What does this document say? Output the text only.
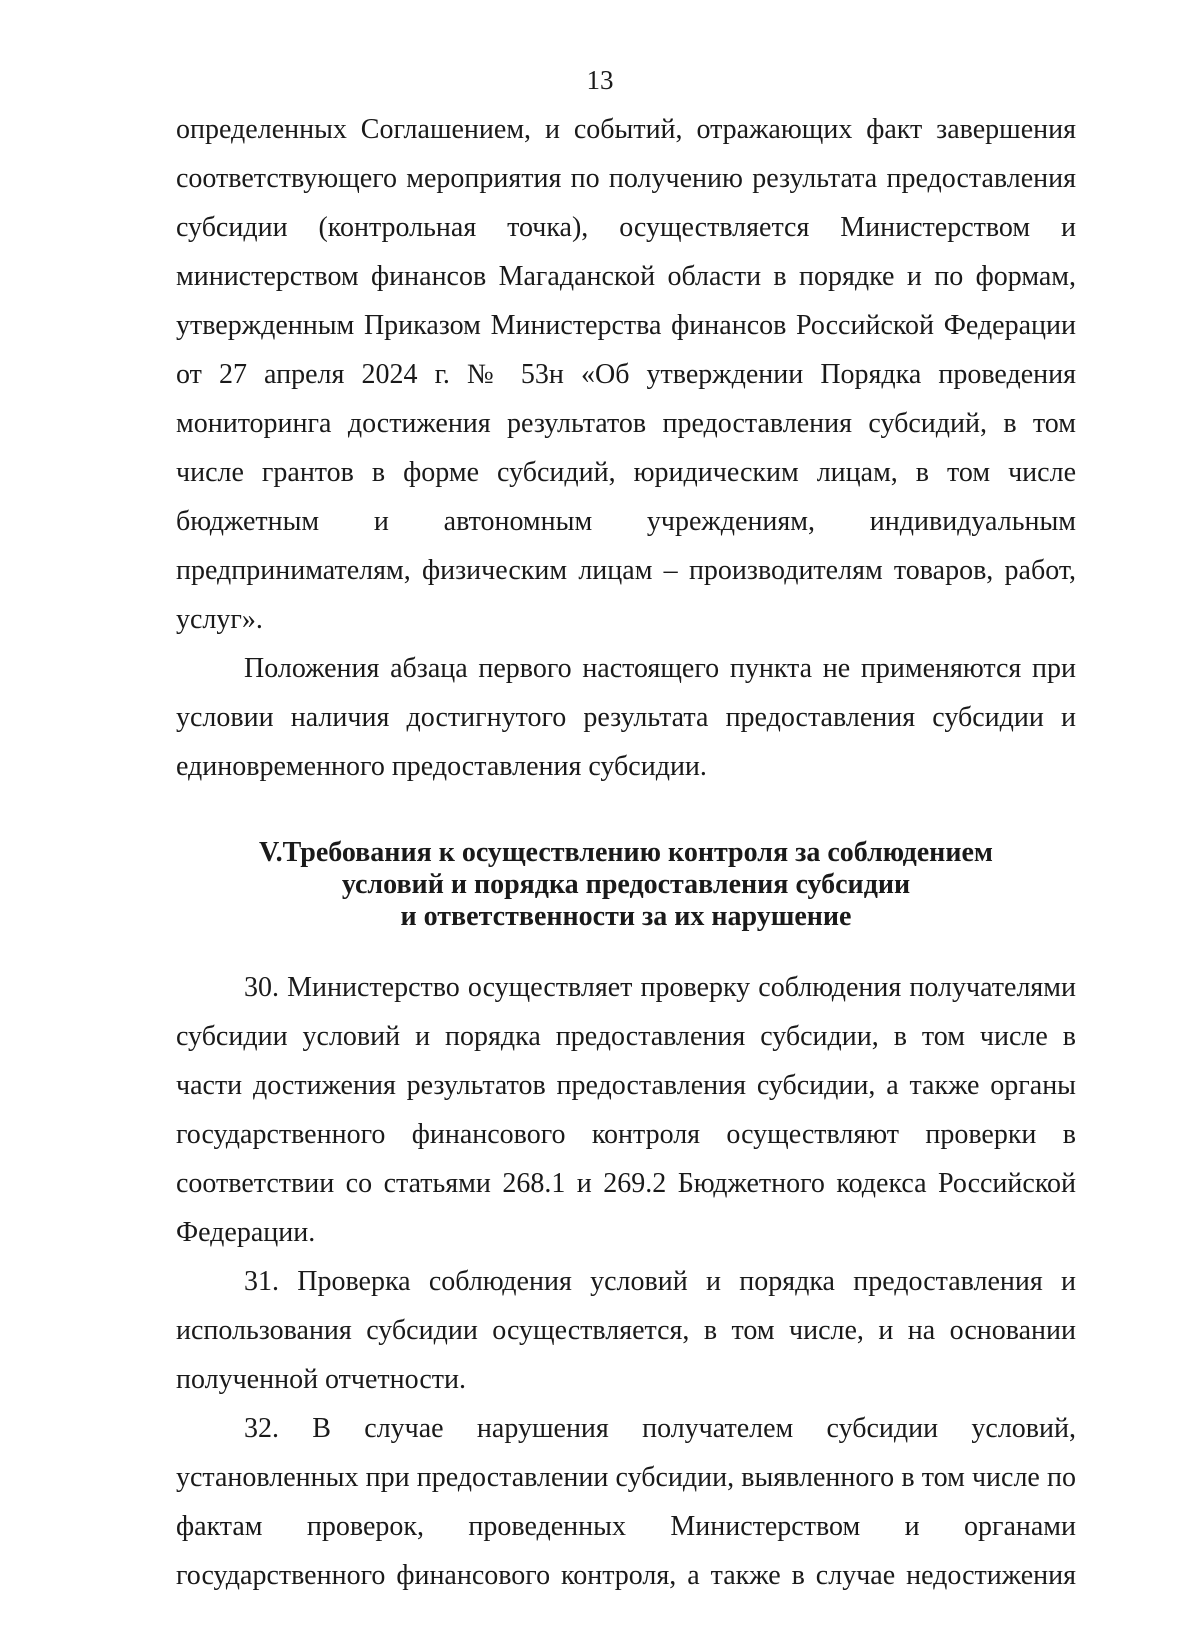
13

определенных Соглашением, и событий, отражающих факт завершения соответствующего мероприятия по получению результата предоставления субсидии (контрольная точка), осуществляется Министерством и министерством финансов Магаданской области в порядке и по формам, утвержденным Приказом Министерства финансов Российской Федерации от 27 апреля 2024 г. № 53н «Об утверждении Порядка проведения мониторинга достижения результатов предоставления субсидий, в том числе грантов в форме субсидий, юридическим лицам, в том числе бюджетным и автономным учреждениям, индивидуальным предпринимателям, физическим лицам – производителям товаров, работ, услуг».

Положения абзаца первого настоящего пункта не применяются при условии наличия достигнутого результата предоставления субсидии и единовременного предоставления субсидии.

V.Требования к осуществлению контроля за соблюдением
условий и порядка предоставления субсидии
и ответственности за их нарушение

30. Министерство осуществляет проверку соблюдения получателями субсидии условий и порядка предоставления субсидии, в том числе в части достижения результатов предоставления субсидии, а также органы государственного финансового контроля осуществляют проверки в соответствии со статьями 268.1 и 269.2 Бюджетного кодекса Российской Федерации.

31. Проверка соблюдения условий и порядка предоставления и использования субсидии осуществляется, в том числе, и на основании полученной отчетности.

32. В случае нарушения получателем субсидии условий, установленных при предоставлении субсидии, выявленного в том числе по фактам проверок, проведенных Министерством и органами государственного финансового контроля, а также в случае недостижения
